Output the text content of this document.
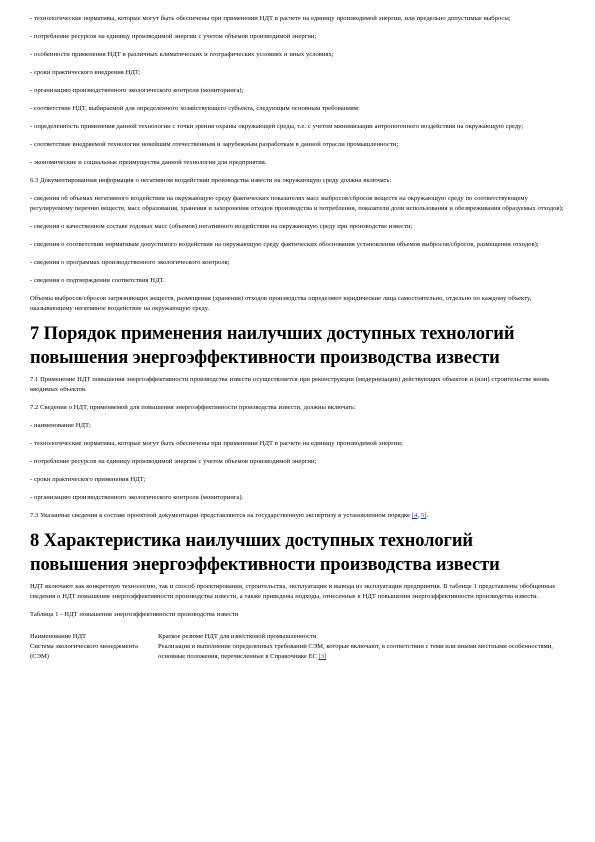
- технологические нормативы, которые могут быть обеспечены при применении НДТ в расчете на единицу производимой энергии, или предельно допустимые выбросы;

- потребление ресурсов на единицу производимой энергии с учетом объемов производимой энергии;

- особенности применения НДТ в различных климатических и географических условиях и иных условиях;

- сроки практического внедрения НДТ;

- организацию производственного экологического контроля (мониторинга);

- соответствие НДТ, выбираемой для определенного хозяйствующего субъекта, следующим основным требованиям:

- определенность применения данной технологии с точки зрения охраны окружающей среды, т.е. с учетом минимизации антропогенного воздействия на окружающую среду;

- соответствие внедряемой технологии новейшим отечественным и зарубежным разработкам в данной отрасли промышленности;

- экономические и социальные преимущества данной технологии для предприятия.

6.3 Документированная информация о негативном воздействии производства извести на окружающую среду должна включать:

- сведения об объемах негативного воздействия на окружающую среду фактических показателях масс выбросов/сбросов веществ на окружающую среду по соответствующему регулируемому перечню веществ, масс образования, хранения и захоронения отходов производства и потребления, показатели доли использования и обезвреживания образуемых отходов);

- сведения о качественном составе годовых масс (объемов) негативного воздействия на окружающую среду при производстве извести;

- сведения о соответствии нормативам допустимого воздействия на окружающую среду фактических обоснования установления объемов выбросов/сбросов, размещения отходов);

- сведения о программах производственного экологического контроля;

- сведения о подтверждении соответствия НДТ.

Объемы выбросов/сбросов загрязняющих веществ, размещения (хранения) отходов производства определяют юридические лица самостоятельно, отдельно по каждому объекту, оказывающему негативное воздействие на окружающую среду.

7 Порядок применения наилучших доступных технологий повышения энергоэффективности производства извести

7.1 Применение НДТ повышения энергоэффективности производства извести осуществляется при реконструкции (модернизации) действующих объектов и (или) строительстве вновь вводимых объектов.

7.2 Сведения о НДТ, применяемой для повышения энергоэффективности производства извести, должны включать:

- наименование НДТ;

- технологические нормативы, которые могут быть обеспечены при применении НДТ в расчете на единицу производимой энергии;

- потребление ресурсов на единицу производимой энергии с учетом объемов производимой энергии;

- сроки практического применения НДТ;

- организацию производственного экологического контроля (мониторинга).

7.3 Указанные сведения в составе проектной документации представляются на государственную экспертизу в установленном порядке [4, 5].

8 Характеристика наилучших доступных технологий повышения энергоэффективности производства извести

НДТ включают как конкретную технологию, так и способ проектирования, строительства, эксплуатации и вывода из эксплуатации предприятия. В таблице 1 представлены обобщенные сведения о НДТ повышения энергоэффективности производства извести, а также приведены подходы, отнесенные к НДТ повышения энергоэффективности производства извести.

Таблица 1 - НДТ повышения энергоэффективности производства извести

Наименование НДТ	Краткое резюме НДТ для известковой промышленности
Система экологического менеджмента (СЭМ)	Реализация и выполнение определенных требований СЭМ, которые включают, в соответствии с теми или иными местными особенностями, основные положения, перечисленные в Справочнике ЕС [3]
